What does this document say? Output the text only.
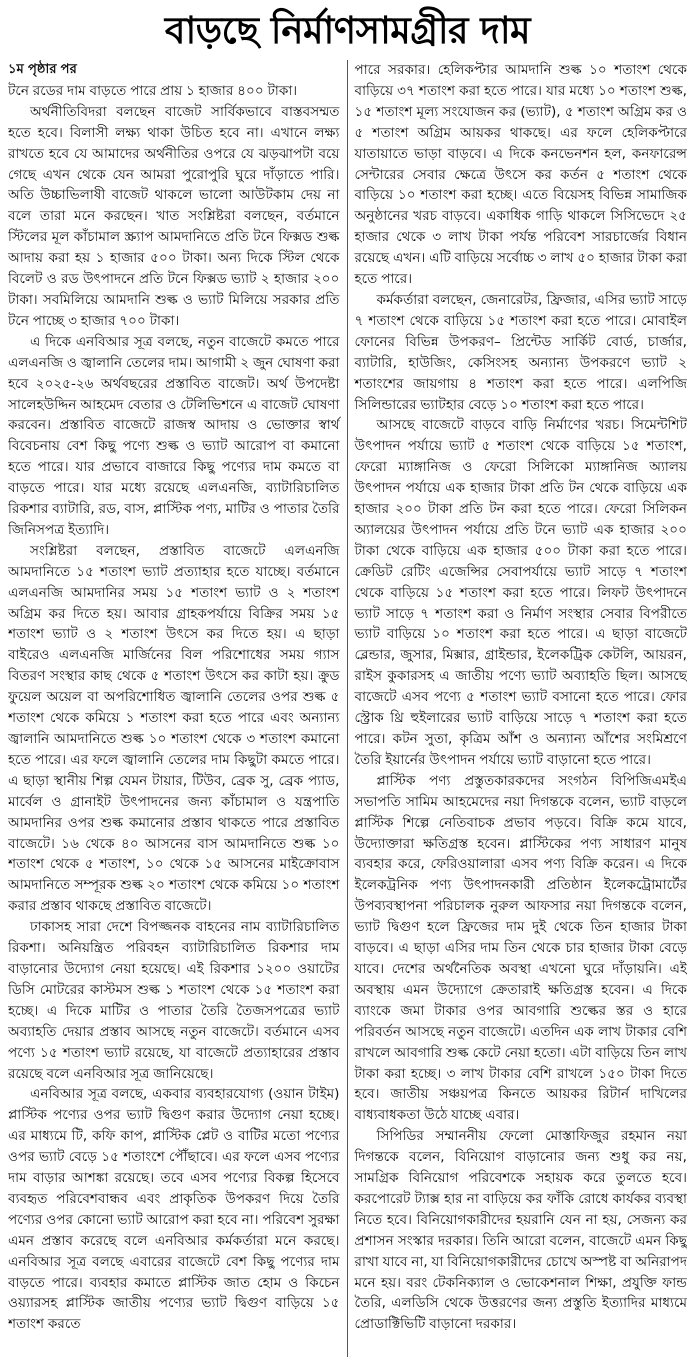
বাড়ছে নির্মাণসামগ্রীর দাম

১ম পৃষ্ঠার পর

টনে রডের দাম বাড়তে পারে প্রায় ১ হাজার ৪০০ টাকা।

অর্থনীতিবিদরা বলছেন বাজেট সার্বিকভাবে বাস্তবসম্মত হতে হবে। বিলাসী লক্ষ্য থাকা উচিত হবে না। এখানে লক্ষ্য রাখতে হবে যে আমাদের অর্থনীতির ওপরে যে ঝড়ঝাপটা বয়ে গেছে এখন থেকে যেন আমরা পুরোপুরি ঘুরে দাঁড়াতে পারি। অতি উচ্চাভিলাষী বাজেট থাকলে ভালো আউটকাম দেয় না বলে তারা মনে করছেন। খাত সংশ্লিষ্টরা বলছেন, বর্তমানে স্টিলের মূল কাঁচামাল স্ক্র্যাপ আমদানিতে প্রতি টনে ফিক্সড শুল্ক আদায় করা হয় ১ হাজার ৫০০ টাকা। অন্য দিকে স্টিল থেকে বিলেট ও রড উৎপাদনে প্রতি টনে ফিক্সড ভ্যাট ২ হাজার ২০০ টাকা। সবমিলিয়ে আমদানি শুল্ক ও ভ্যাট মিলিয়ে সরকার প্রতি টনে পাচ্ছে ৩ হাজার ৭০০ টাকা।

এ দিকে এনবিআর সূত্র বলছে, নতুন বাজেটে কমতে পারে এলএনজি ও জ্বালানি তেলের দাম। আগামী ২ জুন ঘোষণা করা হবে ২০২৫-২৬ অর্থবছরের প্রস্তাবিত বাজেট। অর্থ উপদেষ্টা সালেহউদ্দিন আহমেদ বেতার ও টেলিভিশনে এ বাজেট ঘোষণা করবেন। প্রস্তাবিত বাজেটে রাজস্ব আদায় ও ভোক্তার স্বার্থ বিবেচনায় বেশ কিছু পণ্যে শুল্ক ও ভ্যাট আরোপ বা কমানো হতে পারে। যার প্রভাবে বাজারে কিছু পণ্যের দাম কমতে বা বাড়তে পারে। যার মধ্যে রয়েছে এলএনজি, ব্যাটারিচালিত রিকশার ব্যাটারি, রড, বাস, প্লাস্টিক পণ্য, মাটির ও পাতার তৈরি জিনিসপত্র ইত্যাদি।

সংশ্লিষ্টরা বলছেন, প্রস্তাবিত বাজেটে এলএনজি আমদানিতে ১৫ শতাংশ ভ্যাট প্রত্যাহার হতে যাচ্ছে। বর্তমানে এলএনজি আমদানির সময় ১৫ শতাংশ ভ্যাট ও ২ শতাংশ অগ্রিম কর দিতে হয়। আবার গ্রাহকপর্যায়ে বিক্রির সময় ১৫ শতাংশ ভ্যাট ও ২ শতাংশ উৎসে কর দিতে হয়। এ ছাড়া বাইরেও এলএনজি মার্জিনের বিল পরিশোধের সময় গ্যাস বিতরণ সংস্থার কাছ থেকে ৫ শতাংশ উৎসে কর কাটা হয়। ক্রুড ফুয়েল অয়েল বা অপরিশোধিত জ্বালানি তেলের ওপর শুল্ক ৫ শতাংশ থেকে কমিয়ে ১ শতাংশ করা হতে পারে এবং অন্যান্য জ্বালানি আমদানিতে শুল্ক ১০ শতাংশ থেকে ৩ শতাংশ কমানো হতে পারে। এর ফলে জ্বালানি তেলের দাম কিছুটা কমতে পারে। এ ছাড়া স্থানীয় শিল্প যেমন টায়ার, টিউব, ব্রেক সু, ব্রেক প্যাড, মার্বেল ও গ্রানাইট উৎপাদনের জন্য কাঁচামাল ও যন্ত্রপাতি আমদানির ওপর শুল্ক কমানোর প্রস্তাব থাকতে পারে প্রস্তাবিত বাজেটে। ১৬ থেকে ৪০ আসনের বাস আমদানিতে শুল্ক ১০ শতাংশ থেকে ৫ শতাংশ, ১০ থেকে ১৫ আসনের মাইক্রোবাস আমদানিতে সম্পূরক শুল্ক ২০ শতাংশ থেকে কমিয়ে ১০ শতাংশ করার প্রস্তাব থাকছে প্রস্তাবিত বাজেটে।

ঢাকাসহ সারা দেশে বিপজ্জনক বাহনের নাম ব্যাটারিচালিত রিকশা। অনিয়ন্ত্রিত পরিবহন ব্যাটারিচালিত রিকশার দাম বাড়ানোর উদ্যোগ নেয়া হয়েছে। এই রিকশার ১২০০ ওয়াটের ডিসি মোটরের কাস্টমস শুল্ক ১ শতাংশ থেকে ১৫ শতাংশ করা হচ্ছে। এ দিকে মাটির ও পাতার তৈরি তৈজসপত্রের ভ্যাট অব্যাহতি দেয়ার প্রস্তাব আসছে নতুন বাজেটে। বর্তমানে এসব পণ্যে ১৫ শতাংশ ভ্যাট রয়েছে, যা বাজেটে প্রত্যাহারের প্রস্তাব রয়েছে বলে এনবিআর সূত্র জানিয়েছে।

এনবিআর সূত্র বলছে, একবার ব্যবহারযোগ্য (ওয়ান টাইম) প্লাস্টিক পণ্যের ওপর ভ্যাট দ্বিগুণ করার উদ্যোগ নেয়া হচ্ছে। এর মাধ্যমে টি, কফি কাপ, প্লাস্টিক প্লেট ও বাটির মতো পণ্যের ওপর ভ্যাট বেড়ে ১৫ শতাংশে পৌঁছাবে। এর ফলে এসব পণ্যের দাম বাড়ার আশঙ্কা রয়েছে। তবে এসব পণ্যের বিকল্প হিসেবে ব্যবহৃত পরিবেশবান্ধব এবং প্রাকৃতিক উপকরণ দিয়ে তৈরি পণ্যের ওপর কোনো ভ্যাট আরোপ করা হবে না। পরিবেশ সুরক্ষা এমন প্রস্তাব করেছে বলে এনবিআর কর্মকর্তারা মনে করছে। এনবিআর সূত্র বলছে এবারের বাজেটে বেশ কিছু পণ্যের দাম বাড়তে পারে। ব্যবহার কমাতে প্লাস্টিক জাত হোম ও কিচেন ওয়্যারসহ প্লাস্টিক জাতীয় পণ্যের ভ্যাট দ্বিগুণ বাড়িয়ে ১৫ শতাংশ করতে

পারে সরকার। হেলিকপ্টার আমদানি শুল্ক ১০ শতাংশ থেকে বাড়িয়ে ৩৭ শতাংশ করা হতে পারে। যার মধ্যে ১০ শতাংশ শুল্ক, ১৫ শতাংশ মূল্য সংযোজন কর (ভ্যাট), ৫ শতাংশ অগ্রিম কর ও ৫ শতাংশ অগ্রিম আয়কর থাকছে। এর ফলে হেলিকপ্টারে যাতায়াতে ভাড়া বাড়বে। এ দিকে কনভেনশন হল, কনফারেন্স সেন্টারের সেবার ক্ষেত্রে উৎসে কর কর্তন ৫ শতাংশ থেকে বাড়িয়ে ১০ শতাংশ করা হচ্ছে। এতে বিয়েসহ বিভিন্ন সামাজিক অনুষ্ঠানের খরচ বাড়বে। একাধিক গাড়ি থাকলে সিসিভেদে ২৫ হাজার থেকে ৩ লাখ টাকা পর্যন্ত পরিবেশ সারচার্জের বিধান রয়েছে এখন। এটি বাড়িয়ে সর্বোচ্চ ৩ লাখ ৫০ হাজার টাকা করা হতে পারে।

কর্মকর্তারা বলছেন, জেনারেটর, ফ্রিজার, এসির ভ্যাট সাড়ে ৭ শতাংশ থেকে বাড়িয়ে ১৫ শতাংশ করা হতে পারে। মোবাইল ফোনের বিভিন্ন উপকরণ– প্রিন্টেড সার্কিট বোর্ড, চার্জার, ব্যাটারি, হাউজিং, কেসিংসহ অন্যান্য উপকরণে ভ্যাট ২ শতাংশের জায়গায় ৪ শতাংশ করা হতে পারে। এলপিজি সিলিন্ডারের ভ্যাটহার বেড়ে ১০ শতাংশ করা হতে পারে।

আসছে বাজেটে বাড়বে বাড়ি নির্মাণের খরচ। সিমেন্টশিট উৎপাদন পর্যায়ে ভ্যাট ৫ শতাংশ থেকে বাড়িয়ে ১৫ শতাংশ, ফেরো ম্যাঙ্গানিজ ও ফেরো সিলিকো ম্যাঙ্গানিজ অ্যালয় উৎপাদন পর্যায়ে এক হাজার টাকা প্রতি টন থেকে বাড়িয়ে এক হাজার ২০০ টাকা প্রতি টন করা হতে পারে। ফেরো সিলিকন অ্যালয়ের উৎপাদন পর্যায়ে প্রতি টনে ভ্যাট এক হাজার ২০০ টাকা থেকে বাড়িয়ে এক হাজার ৫০০ টাকা করা হতে পারে। ক্রেডিট রেটিং এজেন্সির সেবাপর্যায়ে ভ্যাট সাড়ে ৭ শতাংশ থেকে বাড়িয়ে ১৫ শতাংশ করা হতে পারে। লিফট উৎপাদনে ভ্যাট সাড়ে ৭ শতাংশ করা ও নির্মাণ সংস্থার সেবার বিপরীতে ভ্যাট বাড়িয়ে ১০ শতাংশ করা হতে পারে। এ ছাড়া বাজেটে ব্লেন্ডার, জুসার, মিক্সার, গ্রাইন্ডার, ইলেকট্রিক কেটলি, আয়রন, রাইস কুকারসহ এ জাতীয় পণ্যে ভ্যাট অব্যাহতি ছিল। আসছে বাজেটে এসব পণ্যে ৫ শতাংশ ভ্যাট বসানো হতে পারে। ফোর স্ট্রোক থ্রি হুইলারের ভ্যাট বাড়িয়ে সাড়ে ৭ শতাংশ করা হতে পারে। কটন সুতা, কৃত্রিম আঁশ ও অন্যান্য আঁশের সংমিশ্রণে তৈরি ইয়ার্নের উৎপাদন পর্যায়ে ভ্যাট বাড়ানো হতে পারে।

প্লাস্টিক পণ্য প্রস্তুতকারকদের সংগঠন বিপিজিএমইএ সভাপতি সামিম আহমেদের নয়া দিগন্তকে বলেন, ভ্যাট বাড়লে প্লাস্টিক শিল্পে নেতিবাচক প্রভাব পড়বে। বিক্রি কমে যাবে, উদ্যোক্তারা ক্ষতিগ্রস্ত হবেন। প্লাস্টিকের পণ্য সাধারণ মানুষ ব্যবহার করে, ফেরিওয়ালারা এসব পণ্য বিক্রি করেন। এ দিকে ইলেকট্রনিক পণ্য উৎপাদনকারী প্রতিষ্ঠান ইলেকট্রোমার্টের উপব্যবস্থাপনা পরিচালক নুরুল আফসার নয়া দিগন্তকে বলেন, ভ্যাট দ্বিগুণ হলে ফ্রিজের দাম দুই থেকে তিন হাজার টাকা বাড়বে। এ ছাড়া এসির দাম তিন থেকে চার হাজার টাকা বেড়ে যাবে। দেশের অর্থনৈতিক অবস্থা এখনো ঘুরে দাঁড়ায়নি। এই অবস্থায় এমন উদ্যোগে ক্রেতারাই ক্ষতিগ্রস্ত হবেন। এ দিকে ব্যাংকে জমা টাকার ওপর আবগারি শুল্কের স্তর ও হারে পরিবর্তন আসছে নতুন বাজেটে। এতদিন এক লাখ টাকার বেশি রাখলে আবগারি শুল্ক কেটে নেয়া হতো। এটা বাড়িয়ে তিন লাখ টাকা করা হচ্ছে। ৩ লাখ টাকার বেশি রাখলে ১৫০ টাকা দিতে হবে। জাতীয় সঞ্চয়পত্র কিনতে আয়কর রিটার্ন দাখিলের বাধ্যবাধকতা উঠে যাচ্ছে এবার।

সিপিডির সম্মাননীয় ফেলো মোস্তাফিজুর রহমান নয়া দিগন্তকে বলেন, বিনিয়োগ বাড়ানোর জন্য শুধু কর নয়, সামগ্রিক বিনিয়োগ পরিবেশকে সহায়ক করে তুলতে হবে। করপোরেট ট্যাক্স হার না বাড়িয়ে কর ফাঁকি রোধে কার্যকর ব্যবস্থা নিতে হবে। বিনিয়োগকারীদের হয়রানি যেন না হয়, সেজন্য কর প্রশাসন সংস্কার দরকার। তিনি আরো বলেন, বাজেটে এমন কিছু রাখা যাবে না, যা বিনিয়োগকারীদের চোখে অস্পষ্ট বা অনিরাপদ মনে হয়। বরং টেকনিক্যাল ও ভোকেশনাল শিক্ষা, প্রযুক্তি ফান্ড তৈরি, এলডিসি থেকে উত্তরণের জন্য প্রস্তুতি ইত্যাদির মাধ্যমে প্রোডাক্টিভিটি বাড়ানো দরকার।
